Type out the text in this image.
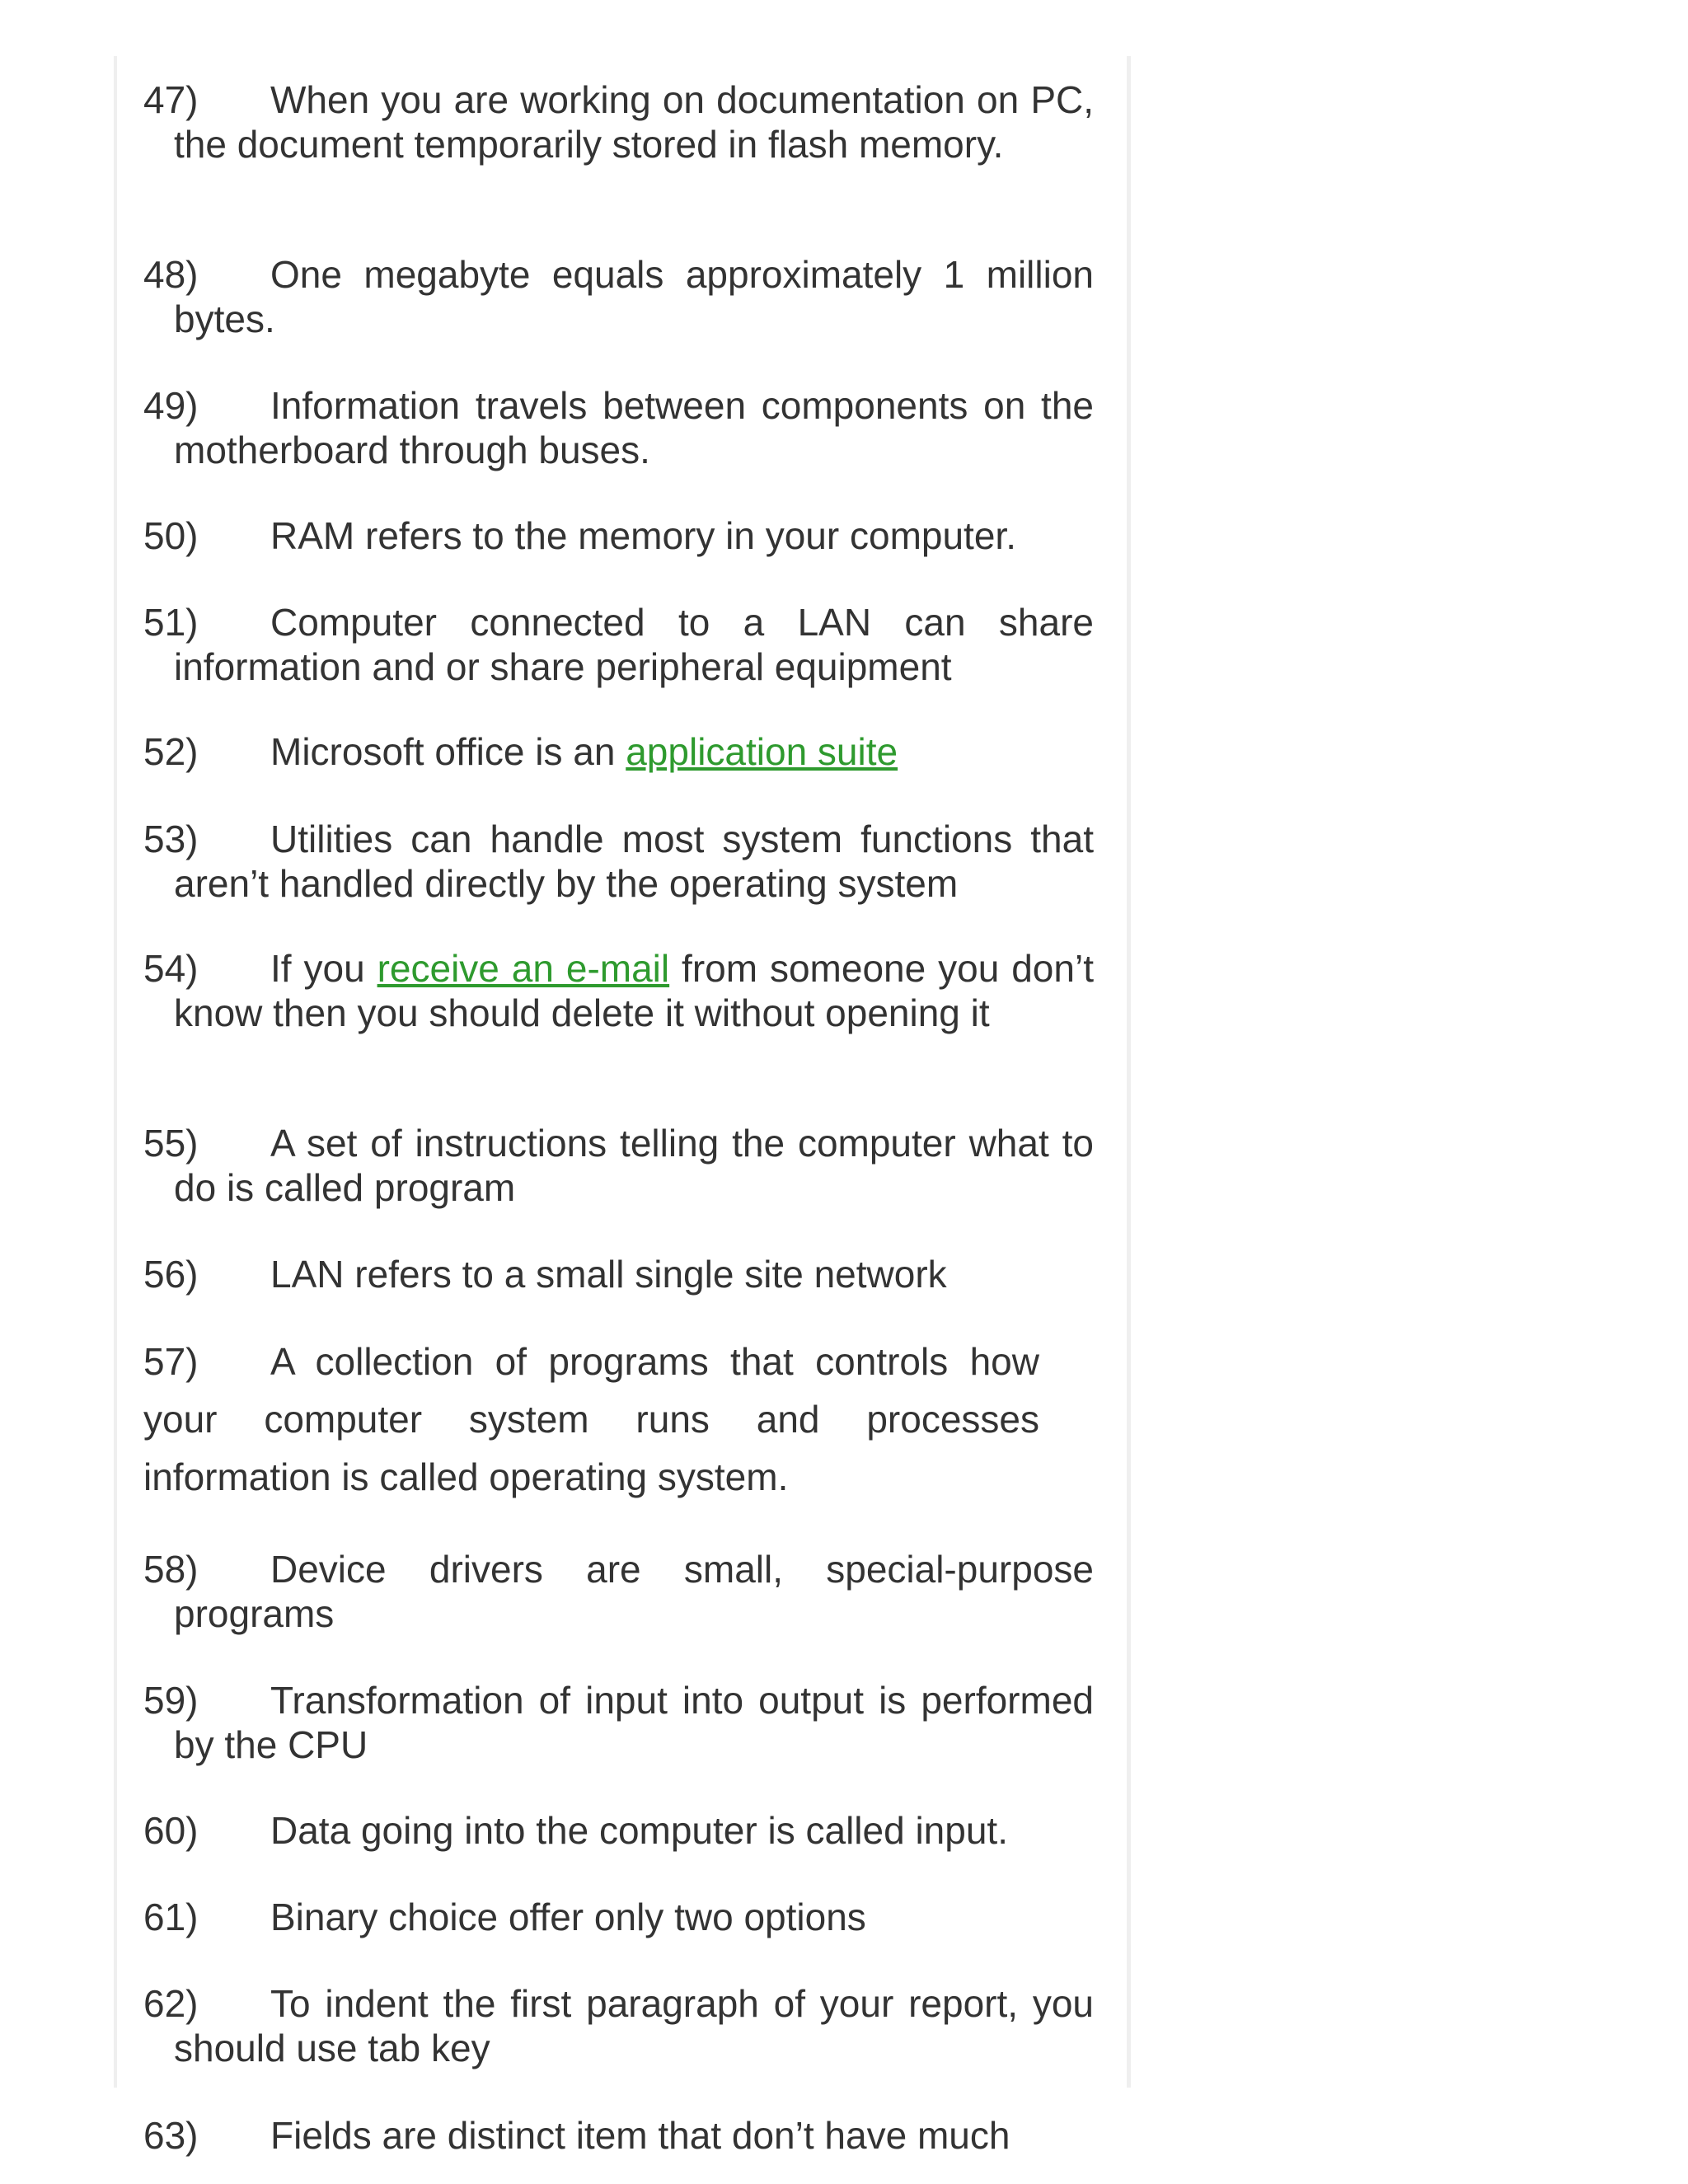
47) When you are working on documentation on PC, the document temporarily stored in flash memory.

48) One megabyte equals approximately 1 million bytes.

49) Information travels between components on the motherboard through buses.

50) RAM refers to the memory in your computer.

51) Computer connected to a LAN can share information and or share peripheral equipment

52) Microsoft office is an application suite

53) Utilities can handle most system functions that aren’t handled directly by the operating system

54) If you receive an e-mail from someone you don’t know then you should delete it without opening it

55) A set of instructions telling the computer what to do is called program

56) LAN refers to a small single site network

57) A collection of programs that controls how your computer system runs and processes information is called operating system.

58) Device drivers are small, special-purpose programs

59) Transformation of input into output is performed by the CPU

60) Data going into the computer is called input.

61) Binary choice offer only two options

62) To indent the first paragraph of your report, you should use tab key

63) Fields are distinct item that don’t have much
